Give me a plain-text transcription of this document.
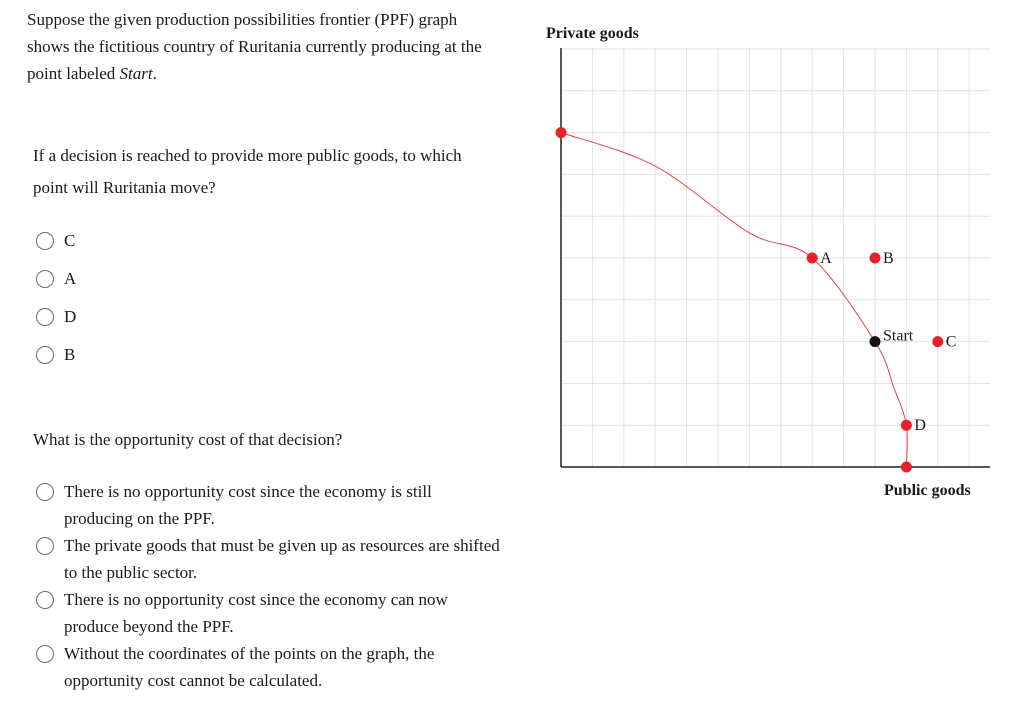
Suppose the given production possibilities frontier (PPF) graph shows the fictitious country of Ruritania currently producing at the point labeled Start.
If a decision is reached to provide more public goods, to which point will Ruritania move?
C
A
D
B
What is the opportunity cost of that decision?
There is no opportunity cost since the economy is still producing on the PPF.
The private goods that must be given up as resources are shifted to the public sector.
There is no opportunity cost since the economy can now produce beyond the PPF.
Without the coordinates of the points on the graph, the opportunity cost cannot be calculated.
A	B
Start C
D
Private goods
Public goods
